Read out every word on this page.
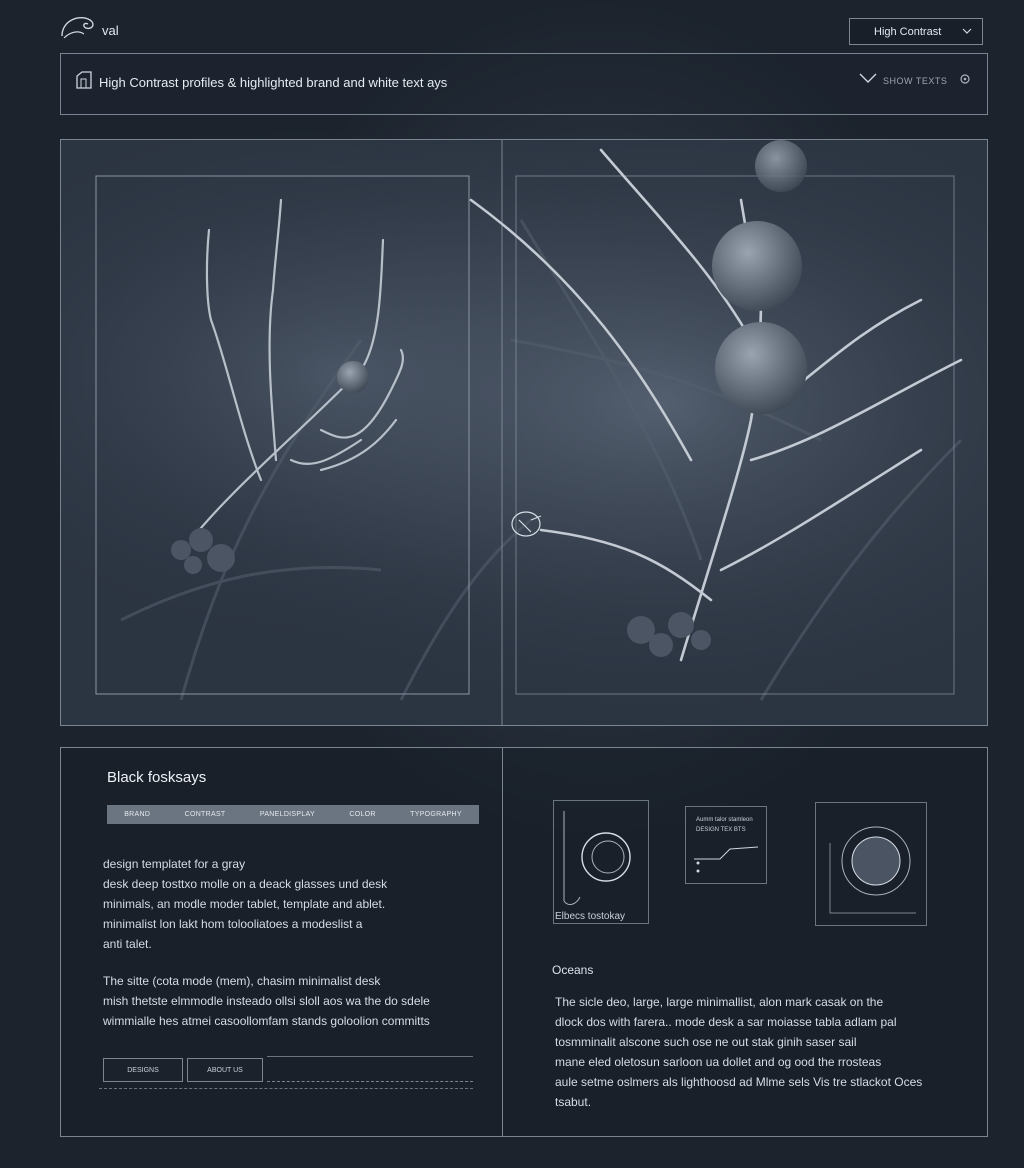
val	High Contrast
High Contrast profiles & highlighted brand and white text ays	SHOW TEXTS
Black fosksays
BRAND	CONTRAST	PANELDISPLAY	COLOR	TYPOGRAPHY

design templatet for a gray

desk deep tosttxo molle on a deack glasses und desk

minimals, an modle moder tablet, template and ablet.

minimalist lon lakt hom tolooliatoes a modeslist a

anti talet.

The sitte (cota mode (mem), chasim minimalist desk

mish thetste elmmodle insteado ollsi sloll aos wa the do sdele

wimmialle hes atmei casoollomfam stands goloolion committs

DESIGNS	ABOUT US
Elbecs tostokay
Aumm talor stamleon
DESIGN TEX BTS
Oceans

The sicle deo, large, large minimallist, alon mark casak on the

dlock dos with farera.. mode desk a sar moiasse tabla adlam pal

tosmminalit alscone such ose ne out stak ginih saser sail

mane eled oletosun sarloon ua dollet and og ood the rrosteas

aule setme oslmers als lighthoosd ad Mlme sels Vis tre stlackot Oces

tsabut.
